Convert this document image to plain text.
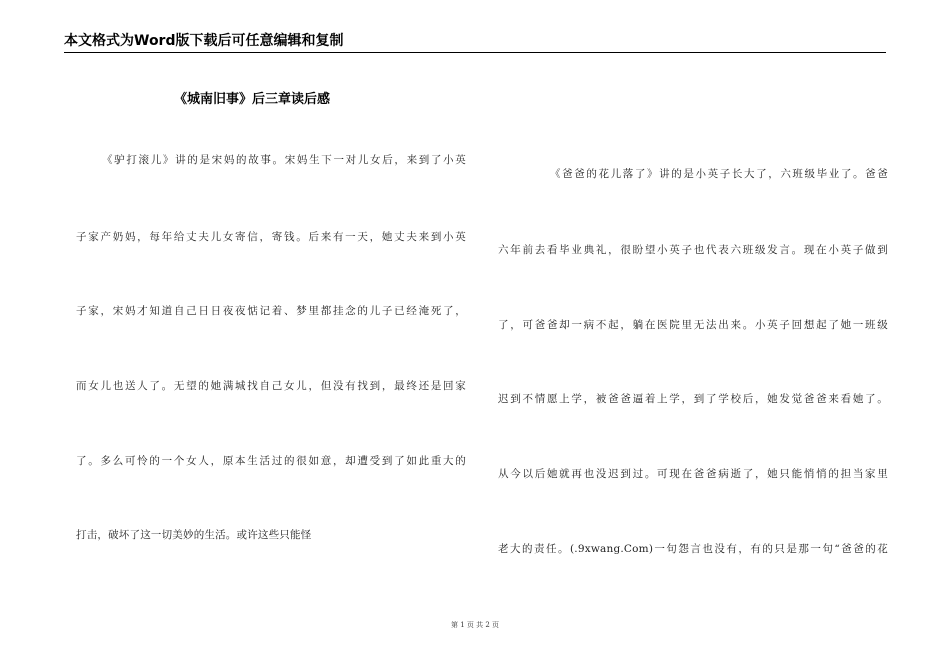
本文格式为Word版下载后可任意编辑和复制
《城南旧事》后三章读后感
《驴打滚儿》讲的是宋妈的故事。宋妈生下一对儿女后，来到了小英
子家产奶妈，每年给丈夫儿女寄信，寄钱。后来有一天，她丈夫来到小英
子家，宋妈才知道自己日日夜夜惦记着、梦里都挂念的儿子已经淹死了，
而女儿也送人了。无望的她满城找自己女儿，但没有找到，最终还是回家
了。多么可怜的一个女人，原本生活过的很如意，却遭受到了如此重大的
打击，破坏了这一切美妙的生活。或许这些只能怪
《爸爸的花儿落了》讲的是小英子长大了，六班级毕业了。爸爸
六年前去看毕业典礼，很盼望小英子也代表六班级发言。现在小英子做到
了，可爸爸却一病不起，躺在医院里无法出来。小英子回想起了她一班级
迟到不情愿上学，被爸爸逼着上学，到了学校后，她发觉爸爸来看她了。
从今以后她就再也没迟到过。可现在爸爸病逝了，她只能悄悄的担当家里
老大的责任。(.9xwang.Com)一句怨言也没有，有的只是那一句“爸爸的花
第 1 页 共 2 页
